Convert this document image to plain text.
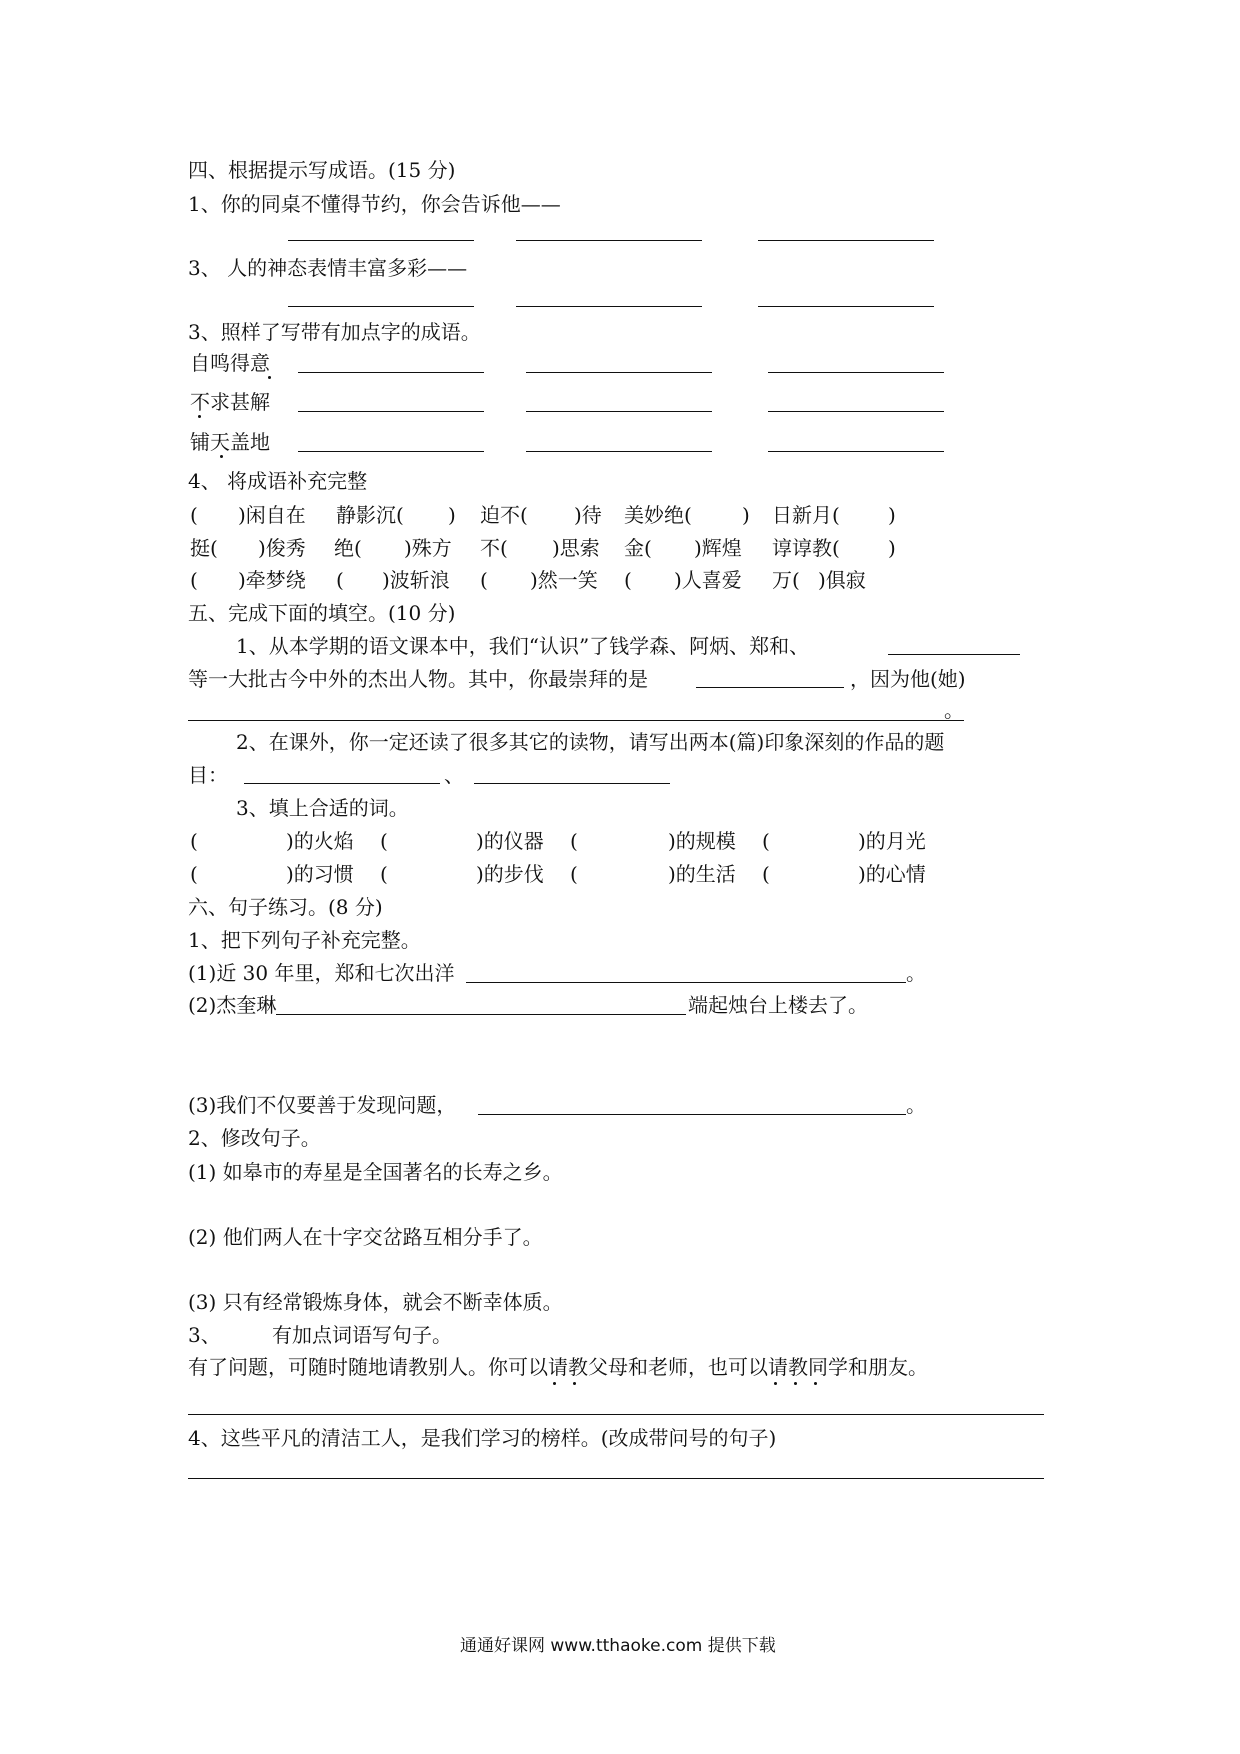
四、根据提示写成语。(15 分)
1、你的同桌不懂得节约，你会告诉他——
3、 人的神态表情丰富多彩——
3、照样了写带有加点字的成语。
自鸣得意
不求甚解
铺天盖地
4、 将成语补充完整
( )闲自在 静影沉( ) 迫不( )待 美妙绝(	) 日新月( )
挺( )俊秀 绝( )殊方 不( )思索 金( )辉煌 谆谆教( )
( )牵梦绕 ( )波斩浪 ( )然一笑 ( )人喜爱 万( )俱寂
五、完成下面的填空。(10 分)
1、从本学期的语文课本中，我们“认识”了钱学森、阿炳、郑和、
等一大批古今中外的杰出人物。其中，你最崇拜的是	，因为他(她)
。
2、在课外，你一定还读了很多其它的读物，请写出两本(篇)印象深刻的作品的题
目：	、
3、填上合适的词。
(	)的火焰 (	)的仪器 (	)的规模 (	)的月光
(	)的习惯 (	)的步伐 (	)的生活 (	)的心情
六、句子练习。(8 分)
1、把下列句子补充完整。
(1)近 30 年里，郑和七次出洋	。
(2)杰奎琳	端起烛台上楼去了。
(3)我们不仅要善于发现问题，	。
2、修改句子。
(1) 如皋市的寿星是全国著名的长寿之乡。
(2) 他们两人在十字交岔路互相分手了。
(3) 只有经常锻炼身体，就会不断幸体质。
3、	有加点词语写句子。
有了问题，可随时随地请教别人。你可以请教父母和老师，也可以请教同学和朋友。
4、这些平凡的清洁工人，是我们学习的榜样。(改成带问号的句子)
通通好课网 www.tthaoke.com 提供下载
